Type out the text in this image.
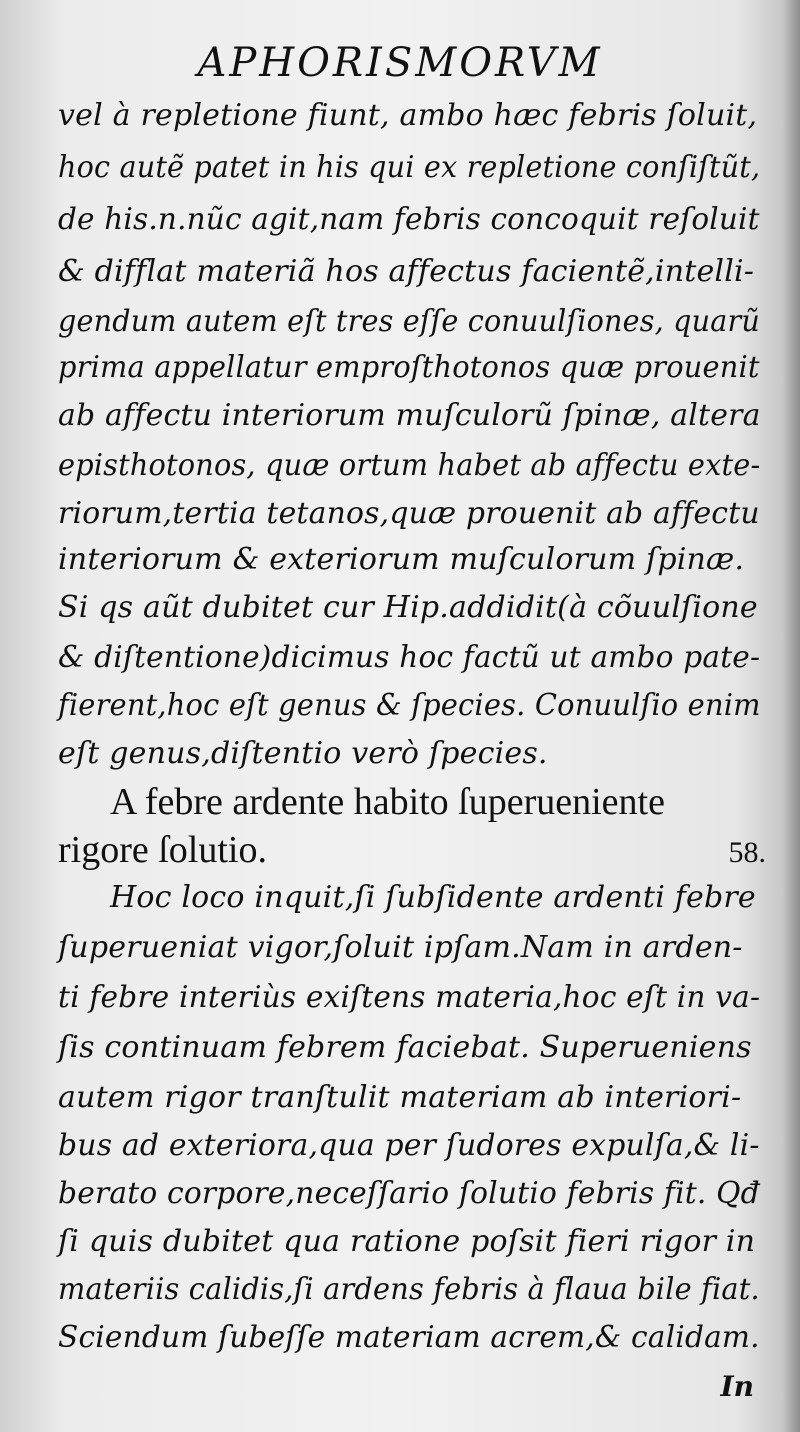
APHORISMORVM
vel à repletione fiunt, ambo hæc febris ſoluit,
hoc autẽ patet in his qui ex repletione conſiſtũt,
de his.n.nũc agit,nam febris concoquit reſoluit
& difflat materiã hos affectus facientẽ,intelli-
gendum autem eſt tres eſſe conuulſiones, quarũ
prima appellatur emproſthotonos quæ prouenit
ab affectu interiorum muſculorũ ſpinæ, altera
episthotonos, quæ ortum habet ab affectu exte-
riorum,tertia tetanos,quæ prouenit ab affectu
interiorum & exteriorum muſculorum ſpinæ.
Si qs aũt dubitet cur Hip.addidit(à cõuulſione
& diſtentione)dicimus hoc factũ ut ambo pate-
fierent,hoc eſt genus & ſpecies. Conuulſio enim
eſt genus,diſtentio verò ſpecies.
A febre ardente habito ſuperueniente
rigore ſolutio.	58.
Hoc loco inquit,ſi ſubſidente ardenti febre
ſuperueniat vigor,ſoluit ipſam.Nam in arden-
ti febre interiùs exiſtens materia,hoc eſt in va-
ſis continuam febrem faciebat. Superueniens
autem rigor tranſtulit materiam ab interiori-
bus ad exteriora,qua per ſudores expulſa,& li-
berato corpore,neceſſario ſolutio febris fit. Qđ
ſi quis dubitet qua ratione poſsit fieri rigor in
materiis calidis,ſi ardens febris à flaua bile fiat.
Sciendum ſubeſſe materiam acrem,& calidam.
In
